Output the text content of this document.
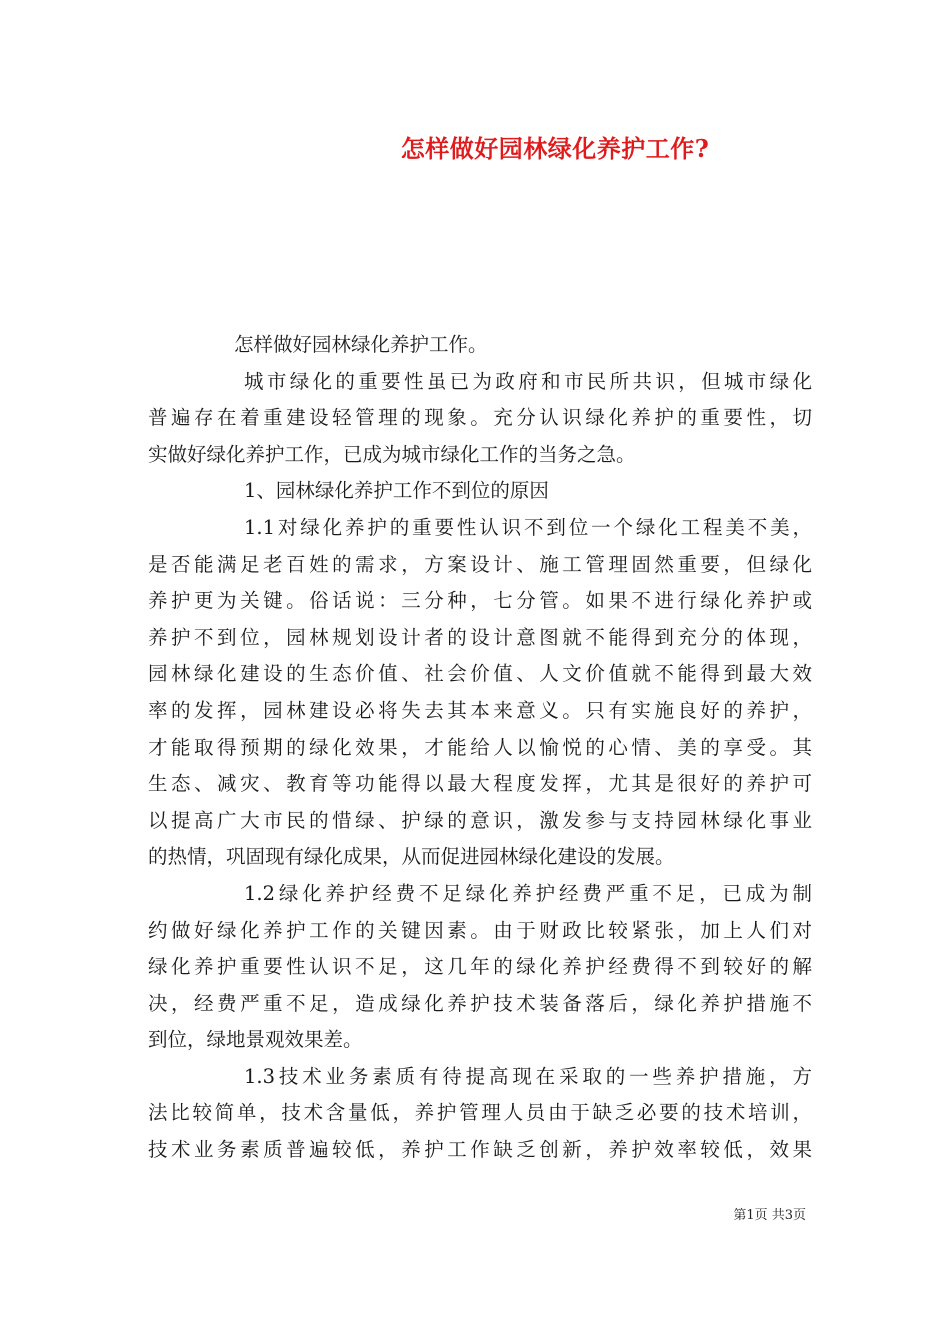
怎样做好园林绿化养护工作?
怎样做好园林绿化养护工作。
城市绿化的重要性虽已为政府和市民所共识，但城市绿化
普遍存在着重建设轻管理的现象。充分认识绿化养护的重要性，切
实做好绿化养护工作，已成为城市绿化工作的当务之急。
1、园林绿化养护工作不到位的原因
1.1对绿化养护的重要性认识不到位一个绿化工程美不美，
是否能满足老百姓的需求，方案设计、施工管理固然重要，但绿化
养护更为关键。俗话说：三分种，七分管。如果不进行绿化养护或
养护不到位，园林规划设计者的设计意图就不能得到充分的体现，
园林绿化建设的生态价值、社会价值、人文价值就不能得到最大效
率的发挥，园林建设必将失去其本来意义。只有实施良好的养护，
才能取得预期的绿化效果，才能给人以愉悦的心情、美的享受。其
生态、减灾、教育等功能得以最大程度发挥，尤其是很好的养护可
以提高广大市民的惜绿、护绿的意识，激发参与支持园林绿化事业
的热情，巩固现有绿化成果，从而促进园林绿化建设的发展。
1.2绿化养护经费不足绿化养护经费严重不足，已成为制
约做好绿化养护工作的关键因素。由于财政比较紧张，加上人们对
绿化养护重要性认识不足，这几年的绿化养护经费得不到较好的解
决，经费严重不足，造成绿化养护技术装备落后，绿化养护措施不
到位，绿地景观效果差。
1.3技术业务素质有待提高现在采取的一些养护措施，方
法比较简单，技术含量低，养护管理人员由于缺乏必要的技术培训，
技术业务素质普遍较低，养护工作缺乏创新，养护效率较低，效果
第1页 共3页
